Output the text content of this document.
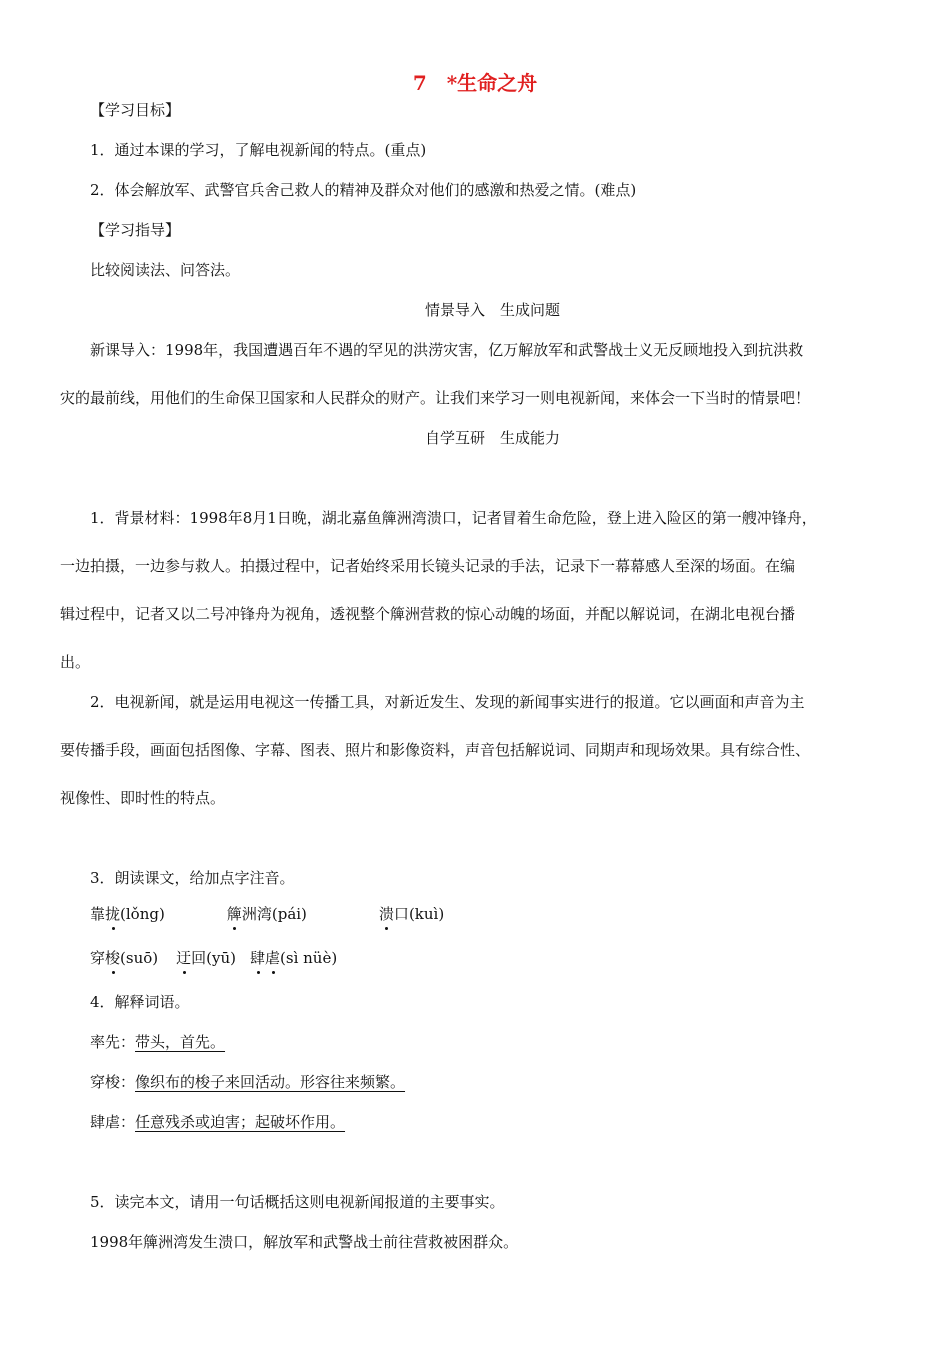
7　*生命之舟
【学习目标】
1．通过本课的学习，了解电视新闻的特点。(重点)
2．体会解放军、武警官兵舍己救人的精神及群众对他们的感激和热爱之情。(难点)
【学习指导】
比较阅读法、问答法。
情景导入　生成问题
新课导入：1998年，我国遭遇百年不遇的罕见的洪涝灾害，亿万解放军和武警战士义无反顾地投入到抗洪救
灾的最前线，用他们的生命保卫国家和人民群众的财产。让我们来学习一则电视新闻，来体会一下当时的情景吧！
自学互研　生成能力
1．背景材料：1998年8月1日晚，湖北嘉鱼簰洲湾溃口，记者冒着生命危险，登上进入险区的第一艘冲锋舟，
一边拍摄，一边参与救人。拍摄过程中，记者始终采用长镜头记录的手法，记录下一幕幕感人至深的场面。在编
辑过程中，记者又以二号冲锋舟为视角，透视整个簰洲营救的惊心动魄的场面，并配以解说词，在湖北电视台播
出。
2．电视新闻，就是运用电视这一传播工具，对新近发生、发现的新闻事实进行的报道。它以画面和声音为主
要传播手段，画面包括图像、字幕、图表、照片和影像资料，声音包括解说词、同期声和现场效果。具有综合性、
视像性、即时性的特点。
3．朗读课文，给加点字注音。
靠拢(lǒng)	簰洲湾(pái)	溃口(kuì)
穿梭(suō) 迂回(yū) 肆虐(sì nüè)
4．解释词语。
率先：带头，首先。
穿梭：像织布的梭子来回活动。形容往来频繁。
肆虐：任意残杀或迫害；起破坏作用。
5．读完本文，请用一句话概括这则电视新闻报道的主要事实。
1998年簰洲湾发生溃口，解放军和武警战士前往营救被困群众。
